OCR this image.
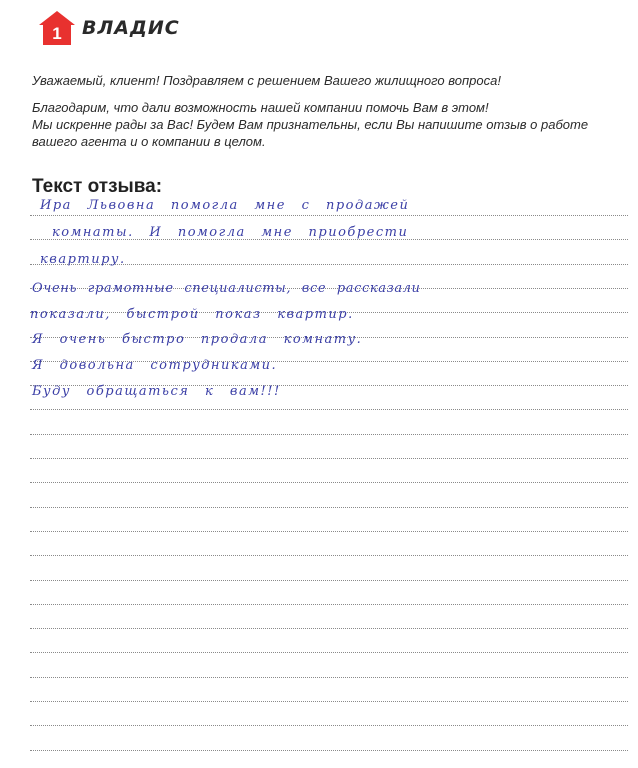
1 ВЛАДИС

Уважаемый, клиент! Поздравляем с решением Вашего жилищного вопроса!

Благодарим, что дали возможность нашей компании помочь Вам в этом!

Мы искренне рады за Вас! Будем Вам признательны, если Вы напишите отзыв о работе

вашего агента и о компании в целом.

Текст отзыва:
Ира Львовна помогла мне с продажей
комнаты. И помогла мне приобрести
квартиру.
Очень грамотные специалисты, все рассказали
показали, быстрой показ квартир.
Я очень быстро продала комнату.
Я довольна сотрудниками.
Буду обращаться к вам!!!
